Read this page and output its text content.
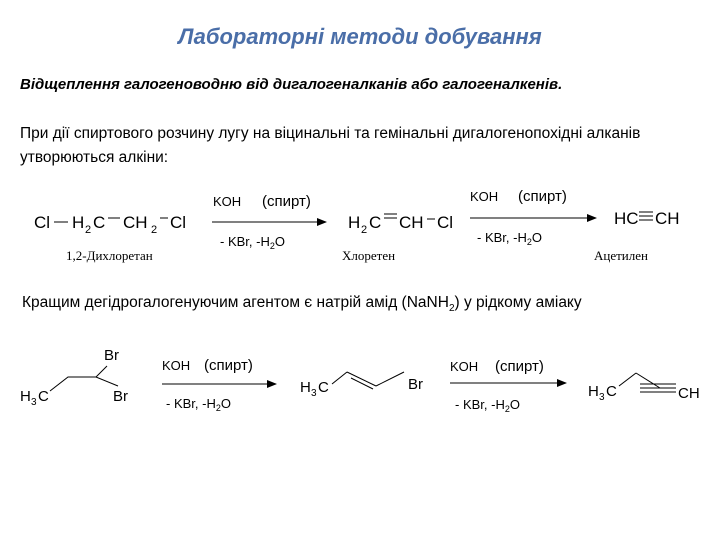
Лабораторні методи добування
Відщеплення галогеноводню від дигалогеналканів або галогеналкенів.
При дії спиртового розчину лугу на віцинальні та гемінальні дигалогенопохідні алканів утворюються алкіни:
Кращим дегідрогалогенуючим агентом є натрій амід (NaNH$_2$) у рідкому аміаку
Cl H 2 C CH 2 Cl
1,2-Дихлоретан
KOH (спирт)
- KBr, $-H_2O$
H 2 C CH Cl
Хлоретен
KOH (спирт)
- KBr, $-H_2O$
HC CH
Ацетилен
H 3 C
Br
Br
KOH (спирт)
- KBr, $-H_2O$
H 3 C	Br
KOH (спирт)
- KBr, $-H_2O$
H 3 C	CH
